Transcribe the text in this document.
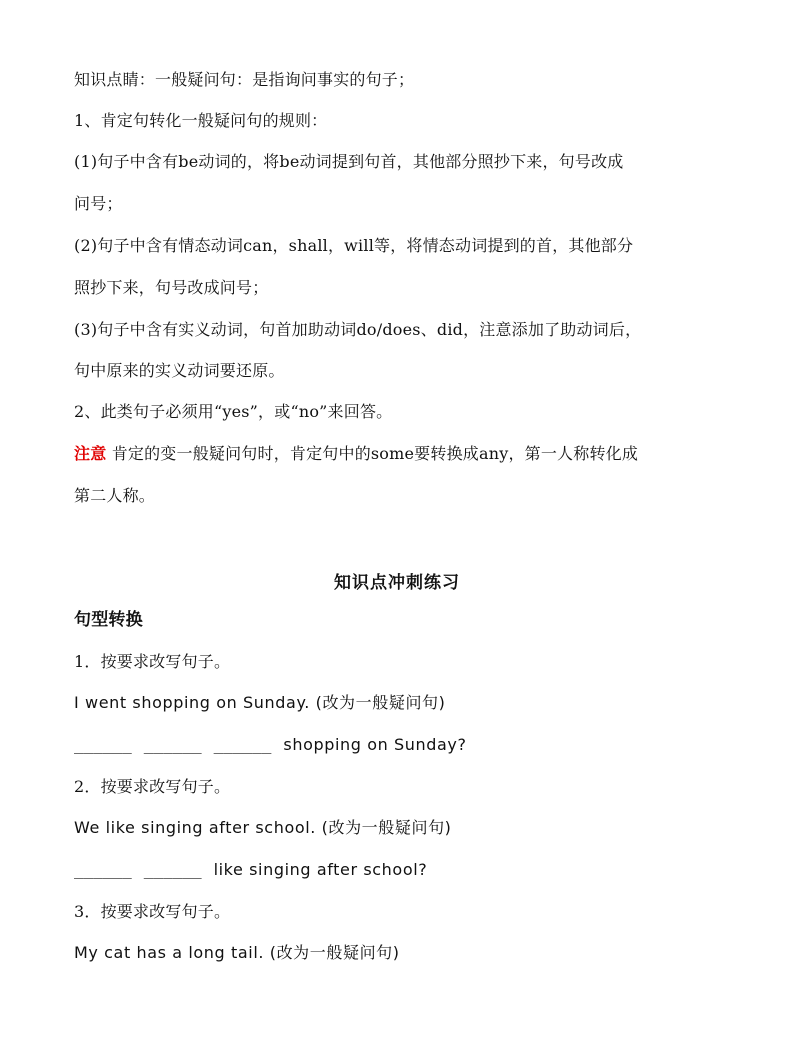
知识点睛：一般疑问句：是指询问事实的句子；
1、肯定句转化一般疑问句的规则：
(1)句子中含有be动词的，将be动词提到句首，其他部分照抄下来，句号改成
问号；
(2)句子中含有情态动词can，shall，will等，将情态动词提到的首，其他部分
照抄下来，句号改成问号；
(3)句子中含有实义动词，句首加助动词do/does、did，注意添加了助动词后，
句中原来的实义动词要还原。
2、此类句子必须用“yes”，或“no”来回答。
注意 肯定的变一般疑问句时，肯定句中的some要转换成any，第一人称转化成
第二人称。
知识点冲刺练习
句型转换
1．按要求改写句子。
I went shopping on Sunday. (改为一般疑问句)
______ ______ ______ shopping on Sunday?
2．按要求改写句子。
We like singing after school. (改为一般疑问句)
______ ______ like singing after school?
3．按要求改写句子。
My cat has a long tail. (改为一般疑问句)
